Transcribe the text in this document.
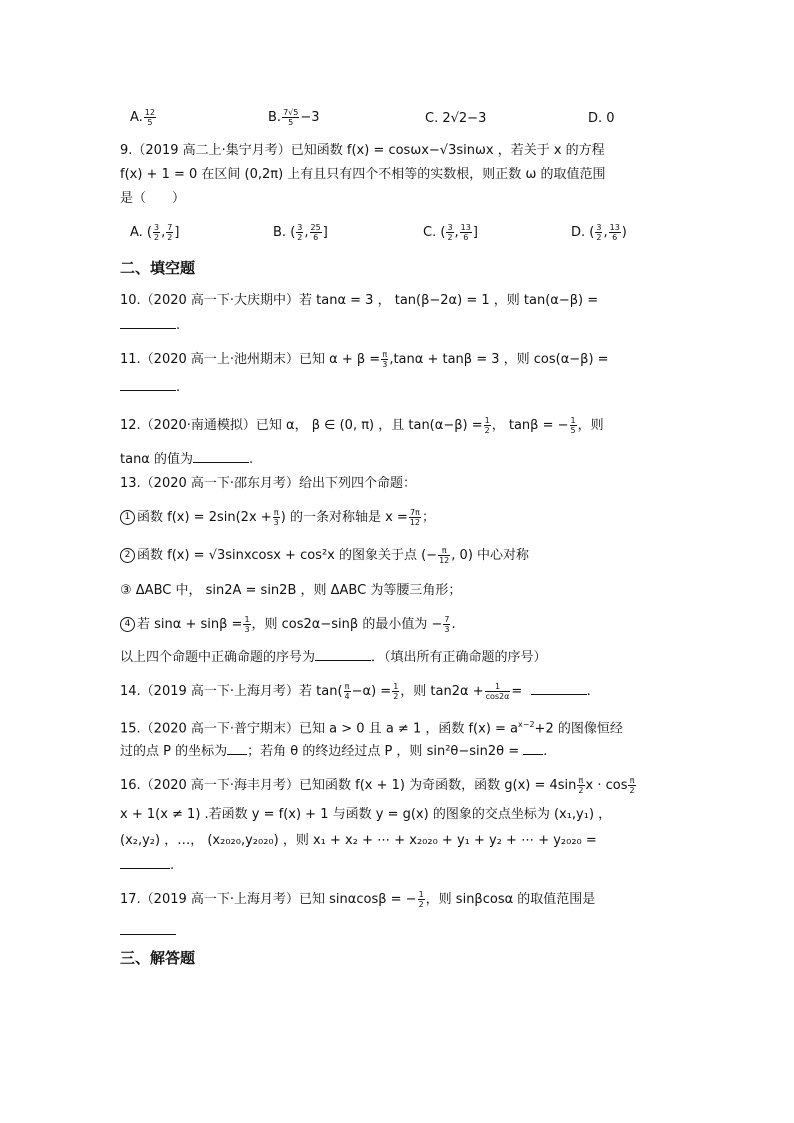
A. $\frac{12}{5}$	B. $\frac{7√5}{5} -3$	C. 2√2−3	D. 0
9.（2019 高二上·集宁月考）已知函数 f(x) = cosωx−√3sinωx ，若关于 x 的方程
f(x) + 1 = 0 在区间 (0,2π) 上有且只有四个不相等的实数根，则正数 ω 的取值范围
是（　　）
A. ( $\frac{3}{2}$ , $\frac{7}{2}$ ]	B. ( $\frac{3}{2}$ , $\frac{25}{6}$ ]	C. ( $\frac{3}{2}$ , $\frac{13}{6}$ ]	D. ( $\frac{3}{2}$ , $\frac{13}{6}$ )
二、填空题
10.（2020 高一下·大庆期中）若 tanα = 3 ， tan(β−2α) = 1 ，则 tan(α−β) =
.
11.（2020 高一上·池州期末）已知 $\alpha + \beta = \frac{\pi}{3} ,\tan\alpha + \tan\beta = 3$ ，则 cos(α−β) =
.
12.（2020·南通模拟）已知 α， β ∈ (0, π) ，且 $\tan(\alpha-\beta) = \frac{1}{2}$ ， tanβ = − $\frac{1}{5}$ ，则
tanα 的值为	.
13.（2020 高一下·邵东月考）给出下列四个命题：
1 函数 $f(x) = 2\sin(2x + \frac{\pi}{3}$ ) 的一条对称轴是 $x = \frac{7\pi}{12}$ ；
2 函数 f(x) = √3sinxcosx + cos²x 的图象关于点 (− $\frac{\pi}{12}$ , 0) 中心对称
③ ΔABC 中， sin2A = sin2B ，则 ΔABC 为等腰三角形；
4 若 $\sin\alpha + \sin\beta = \frac{1}{3}$ ，则 cos2α−sinβ 的最小值为 − $\frac{7}{3}$ .
以上四个命题中正确命题的序号为	．（填出所有正确命题的序号）
14.（2019 高一下·上海月考）若 $\tan( \frac{\pi}{4} -\alpha) = \frac{1}{2}$ ，则 $\tan 2\alpha + \frac{1}{\cos 2\alpha}$ =	.
15.（2020 高一下·普宁期末）已知 a > 0 且 a ≠ 1 ，函数 $f(x) = a^{x-2}+2$ 的图像恒经
过的点 P 的坐标为 ；若角 θ 的终边经过点 P ，则 sin²θ−sin2θ = .
16.（2020 高一下·海丰月考）已知函数 f(x + 1) 为奇函数，函数 $g(x) = 4\sin \frac{\pi}{2}$ $x \cdot \cos \frac{\pi}{2}$
x + 1(x ≠ 1) .若函数 y = f(x) + 1 与函数 y = g(x) 的图象的交点坐标为 (x₁,y₁) ，
(x₂,y₂) ，…， (x₂₀₂₀,y₂₀₂₀) ，则 x₁ + x₂ + ⋯ + x₂₀₂₀ + y₁ + y₂ + ⋯ + y₂₀₂₀ =
.
17.（2019 高一下·上海月考）已知 sinαcosβ = − $\frac{1}{2}$ ，则 sinβcosα 的取值范围是
三、解答题
